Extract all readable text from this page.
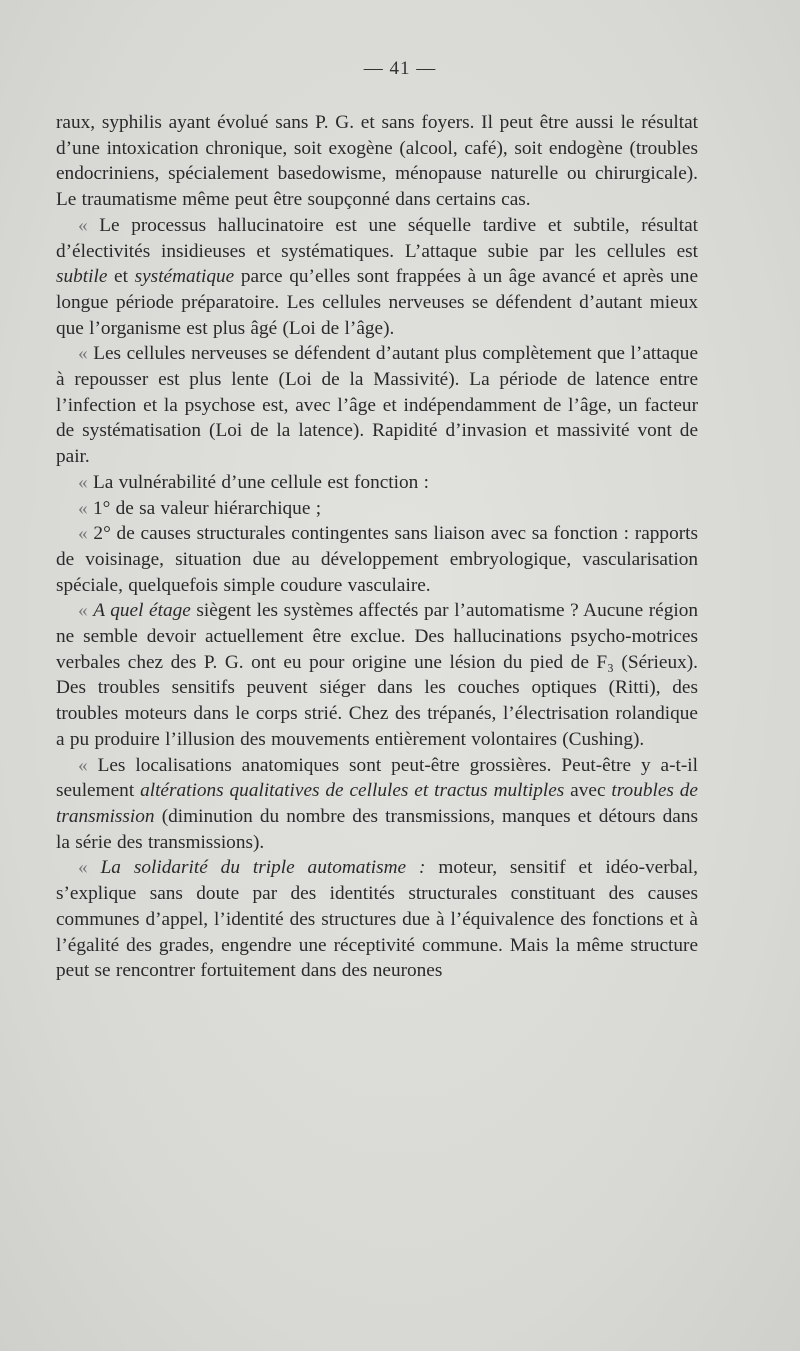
— 41 —

raux, syphilis ayant évolué sans P. G. et sans foyers. Il peut être aussi le résultat d’une intoxication chronique, soit exogène (alcool, café), soit endogène (troubles endocriniens, spécialement basedowisme, ménopause naturelle ou chirurgicale). Le traumatisme même peut être soupçonné dans certains cas.

« Le processus hallucinatoire est une séquelle tardive et subtile, résultat d’électivités insidieuses et systématiques. L’attaque subie par les cellules est subtile et systématique parce qu’elles sont frappées à un âge avancé et après une longue période préparatoire. Les cellules nerveuses se défendent d’autant mieux que l’organisme est plus âgé (Loi de l’âge).

« Les cellules nerveuses se défendent d’autant plus complètement que l’attaque à repousser est plus lente (Loi de la Massivité). La période de latence entre l’infection et la psychose est, avec l’âge et indépendamment de l’âge, un facteur de systématisation (Loi de la latence). Rapidité d’invasion et massivité vont de pair.

« La vulnérabilité d’une cellule est fonction :

« 1° de sa valeur hiérarchique ;

« 2° de causes structurales contingentes sans liaison avec sa fonction : rapports de voisinage, situation due au développement embryologique, vascularisation spéciale, quelquefois simple coudure vasculaire.

« A quel étage siègent les systèmes affectés par l’automatisme ? Aucune région ne semble devoir actuellement être exclue. Des hallucinations psycho-motrices verbales chez des P. G. ont eu pour origine une lésion du pied de F₃ (Sérieux). Des troubles sensitifs peuvent siéger dans les couches optiques (Ritti), des troubles moteurs dans le corps strié. Chez des trépanés, l’électrisation rolandique a pu produire l’illusion des mouvements entièrement volontaires (Cushing).

« Les localisations anatomiques sont peut-être grossières. Peut-être y a-t-il seulement altérations qualitatives de cellules et tractus multiples avec troubles de transmission (diminution du nombre des transmissions, manques et détours dans la série des transmissions).

« La solidarité du triple automatisme : moteur, sensitif et idéo-verbal, s’explique sans doute par des identités structurales constituant des causes communes d’appel, l’identité des structures due à l’équivalence des fonctions et à l’égalité des grades, engendre une réceptivité commune. Mais la même structure peut se rencontrer fortuitement dans des neurones
